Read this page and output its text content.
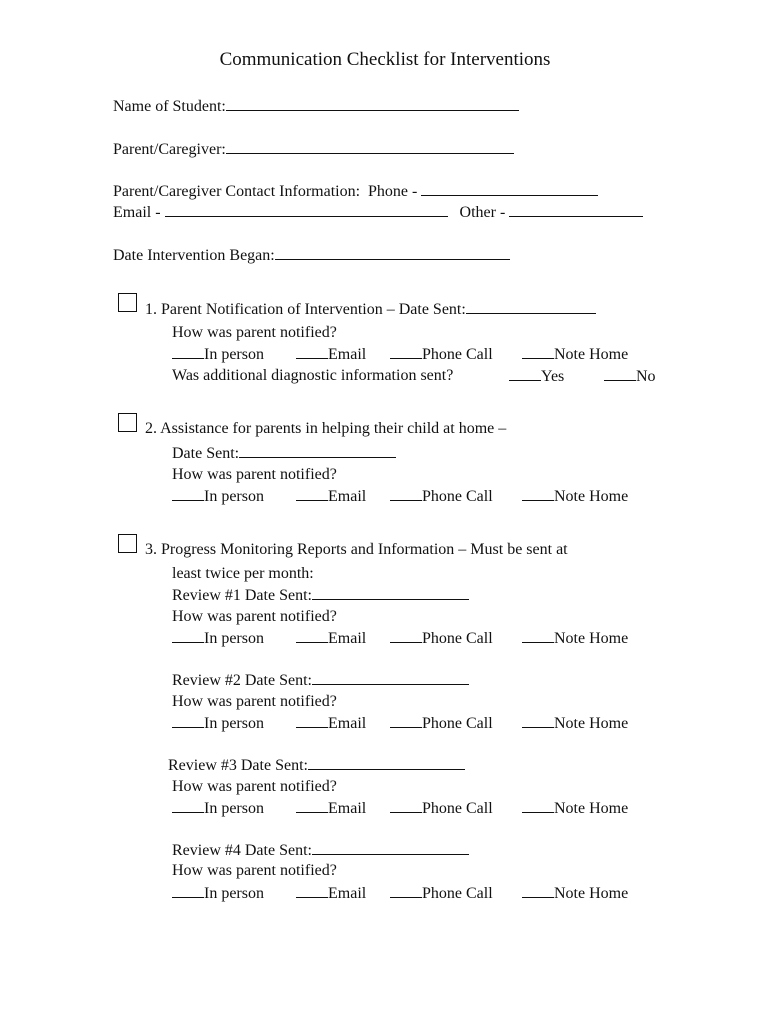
Communication Checklist for Interventions
Name of Student:
Parent/Caregiver:
Parent/Caregiver Contact Information: Phone -
Email -	Other -
Date Intervention Began:
1. Parent Notification of Intervention – Date Sent:
How was parent notified?
In person	Email	Phone Call	Note Home
Was additional diagnostic information sent?	Yes	No
2. Assistance for parents in helping their child at home –
Date Sent:
How was parent notified?
In person	Email	Phone Call	Note Home
3. Progress Monitoring Reports and Information – Must be sent at
least twice per month:
Review #1 Date Sent:
How was parent notified?
In person	Email	Phone Call	Note Home
Review #2 Date Sent:
How was parent notified?
In person	Email	Phone Call	Note Home
Review #3 Date Sent:
How was parent notified?
In person	Email	Phone Call	Note Home
Review #4 Date Sent:
How was parent notified?
In person	Email	Phone Call	Note Home
